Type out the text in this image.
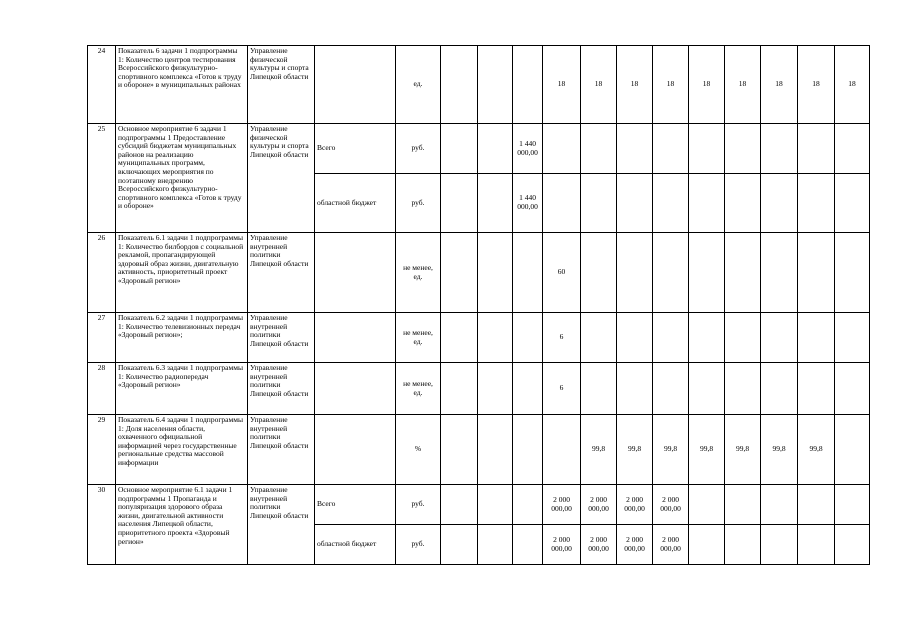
24	Показатель 6 задачи 1 подпрограммы 1: Количество центров тестирования Всероссийского физкультурно-спортивного комплекса «Готов к труду и обороне» в муниципальных районах	Управление физической культуры и спорта Липецкой области		ед.				18	18	18	18	18	18	18	18	18
25	Основное мероприятие 6 задачи 1 подпрограммы 1 Предоставление субсидий бюджетам муниципальных районов на реализацию муниципальных программ, включающих мероприятия по поэтапному внедрению Всероссийского физкультурно-спортивного комплекса «Готов к труду и обороне»	Управление физической культуры и спорта Липецкой области	Всего	руб.			1 440 000,00									
			областной бюджет	руб.			1 440 000,00									
26	Показатель 6.1 задачи 1 подпрограммы 1: Количество билбордов с социальной рекламой, пропагандирующей здоровый образ жизни, двигательную активность, приоритетный проект «Здоровый регион»	Управление внутренней политики Липецкой области		не менее, ед.				60								
27	Показатель 6.2 задачи 1 подпрограммы 1: Количество телевизионных передач «Здоровый регион»;	Управление внутренней политики Липецкой области		не менее, ед.				6								
28	Показатель 6.3 задачи 1 подпрограммы 1: Количество радиопередач «Здоровый регион»	Управление внутренней политики Липецкой области		не менее, ед.				6								
29	Показатель 6.4 задачи 1 подпрограммы 1: Доля населения области, охваченного официальной информацией через государственные региональные средства массовой информации	Управление внутренней политики Липецкой области		%					99,8	99,8	99,8	99,8	99,8	99,8	99,8	
30	Основное мероприятие 6.1 задачи 1 подпрограммы 1 Пропаганда и популяризация здорового образа жизни, двигательной активности населения Липецкой области, приоритетного проекта «Здоровый регион»	Управление внутренней политики Липецкой области	Всего	руб.				2 000 000,00	2 000 000,00	2 000 000,00	2 000 000,00					
			областной бюджет	руб.				2 000 000,00	2 000 000,00	2 000 000,00	2 000 000,00					
